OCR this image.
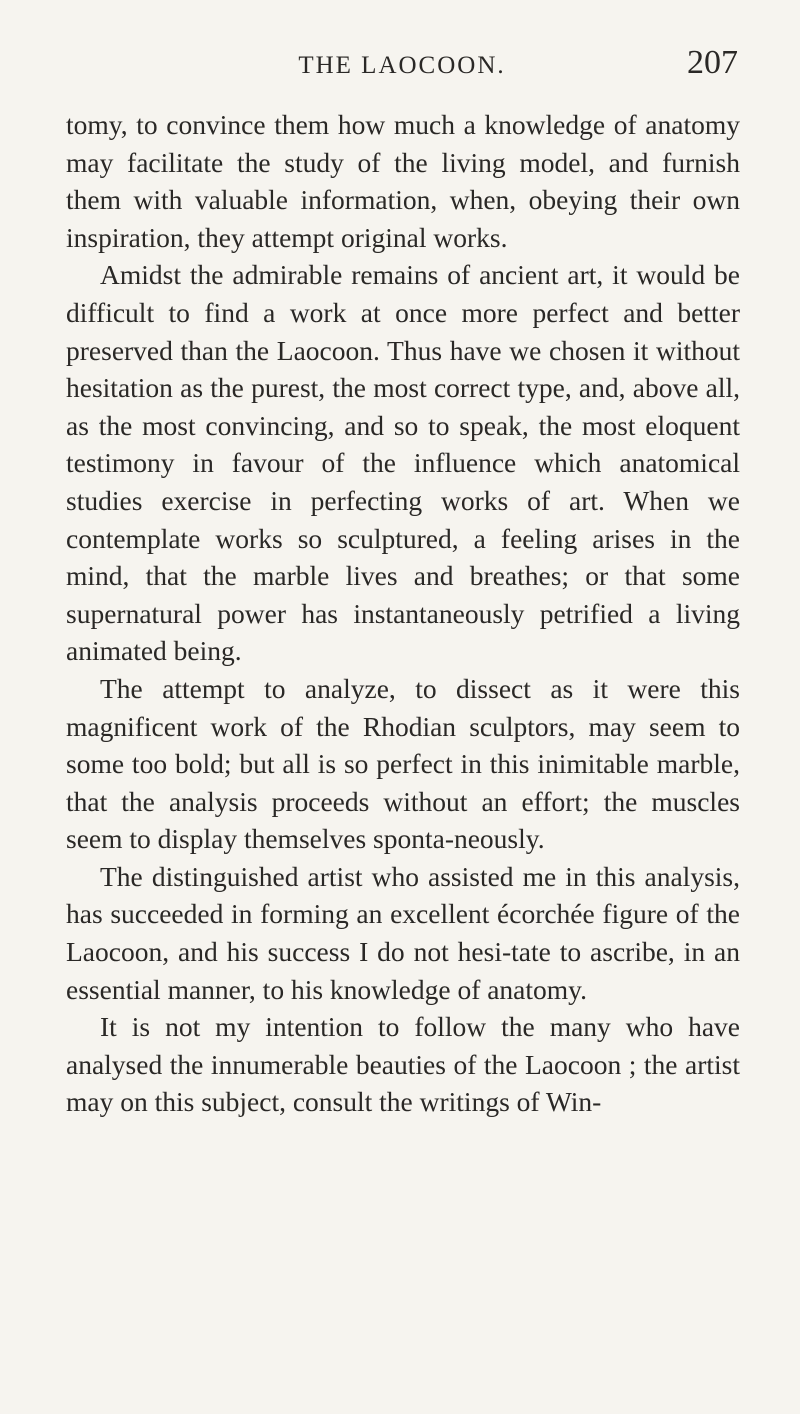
THE LAOCOON.	207

tomy, to convince them how much a knowledge of anatomy may facilitate the study of the living model, and furnish them with valuable information, when, obeying their own inspiration, they attempt original works.

Amidst the admirable remains of ancient art, it would be difficult to find a work at once more perfect and better preserved than the Laocoon. Thus have we chosen it without hesitation as the purest, the most correct type, and, above all, as the most convincing, and so to speak, the most eloquent testimony in favour of the influence which anatomical studies exercise in perfecting works of art. When we contemplate works so sculptured, a feeling arises in the mind, that the marble lives and breathes; or that some supernatural power has instantaneously petrified a living animated being.

The attempt to analyze, to dissect as it were this magnificent work of the Rhodian sculptors, may seem to some too bold; but all is so perfect in this inimitable marble, that the analysis proceeds without an effort; the muscles seem to display themselves sponta-neously.

The distinguished artist who assisted me in this analysis, has succeeded in forming an excellent écorchée figure of the Laocoon, and his success I do not hesi-tate to ascribe, in an essential manner, to his knowledge of anatomy.

It is not my intention to follow the many who have analysed the innumerable beauties of the Laocoon ; the artist may on this subject, consult the writings of Win-
